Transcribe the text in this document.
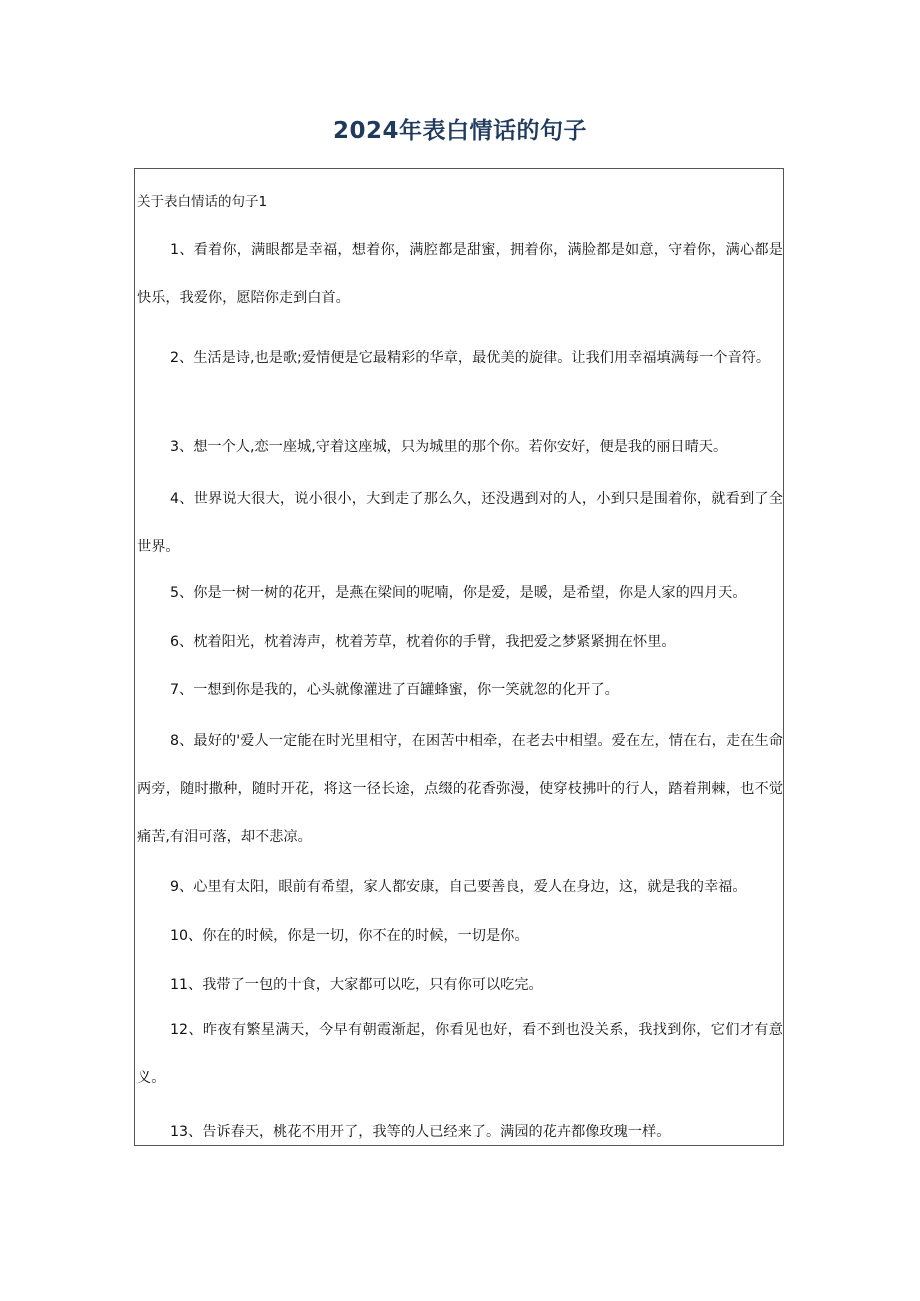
2024年表白情话的句子
关于表白情话的句子1

1、看着你，满眼都是幸福，想着你，满腔都是甜蜜，拥着你，满脸都是如意，守着你，满心都是快乐，我爱你，愿陪你走到白首。

2、生活是诗,也是歌;爱情便是它最精彩的华章，最优美的旋律。让我们用幸福填满每一个音符。

3、想一个人,恋一座城,守着这座城，只为城里的那个你。若你安好，便是我的丽日晴天。

4、世界说大很大，说小很小，大到走了那么久，还没遇到对的人，小到只是围着你，就看到了全世界。

5、你是一树一树的花开，是燕在梁间的呢喃，你是爱，是暖，是希望，你是人家的四月天。

6、枕着阳光，枕着涛声，枕着芳草，枕着你的手臂，我把爱之梦紧紧拥在怀里。

7、一想到你是我的，心头就像灌进了百罐蜂蜜，你一笑就忽的化开了。

8、最好的'爱人一定能在时光里相守，在困苦中相牵，在老去中相望。爱在左，情在右，走在生命两旁，随时撒种，随时开花，将这一径长途，点缀的花香弥漫，使穿枝拂叶的行人，踏着荆棘，也不觉痛苦,有泪可落，却不悲凉。

9、心里有太阳，眼前有希望，家人都安康，自己要善良，爱人在身边，这，就是我的幸福。

10、你在的时候，你是一切，你不在的时候，一切是你。

11、我带了一包的十食，大家都可以吃，只有你可以吃完。

12、昨夜有繁星满天，今早有朝霞渐起，你看见也好，看不到也没关系，我找到你，它们才有意义。

13、告诉春天，桃花不用开了，我等的人已经来了。满园的花卉都像玫瑰一样。
